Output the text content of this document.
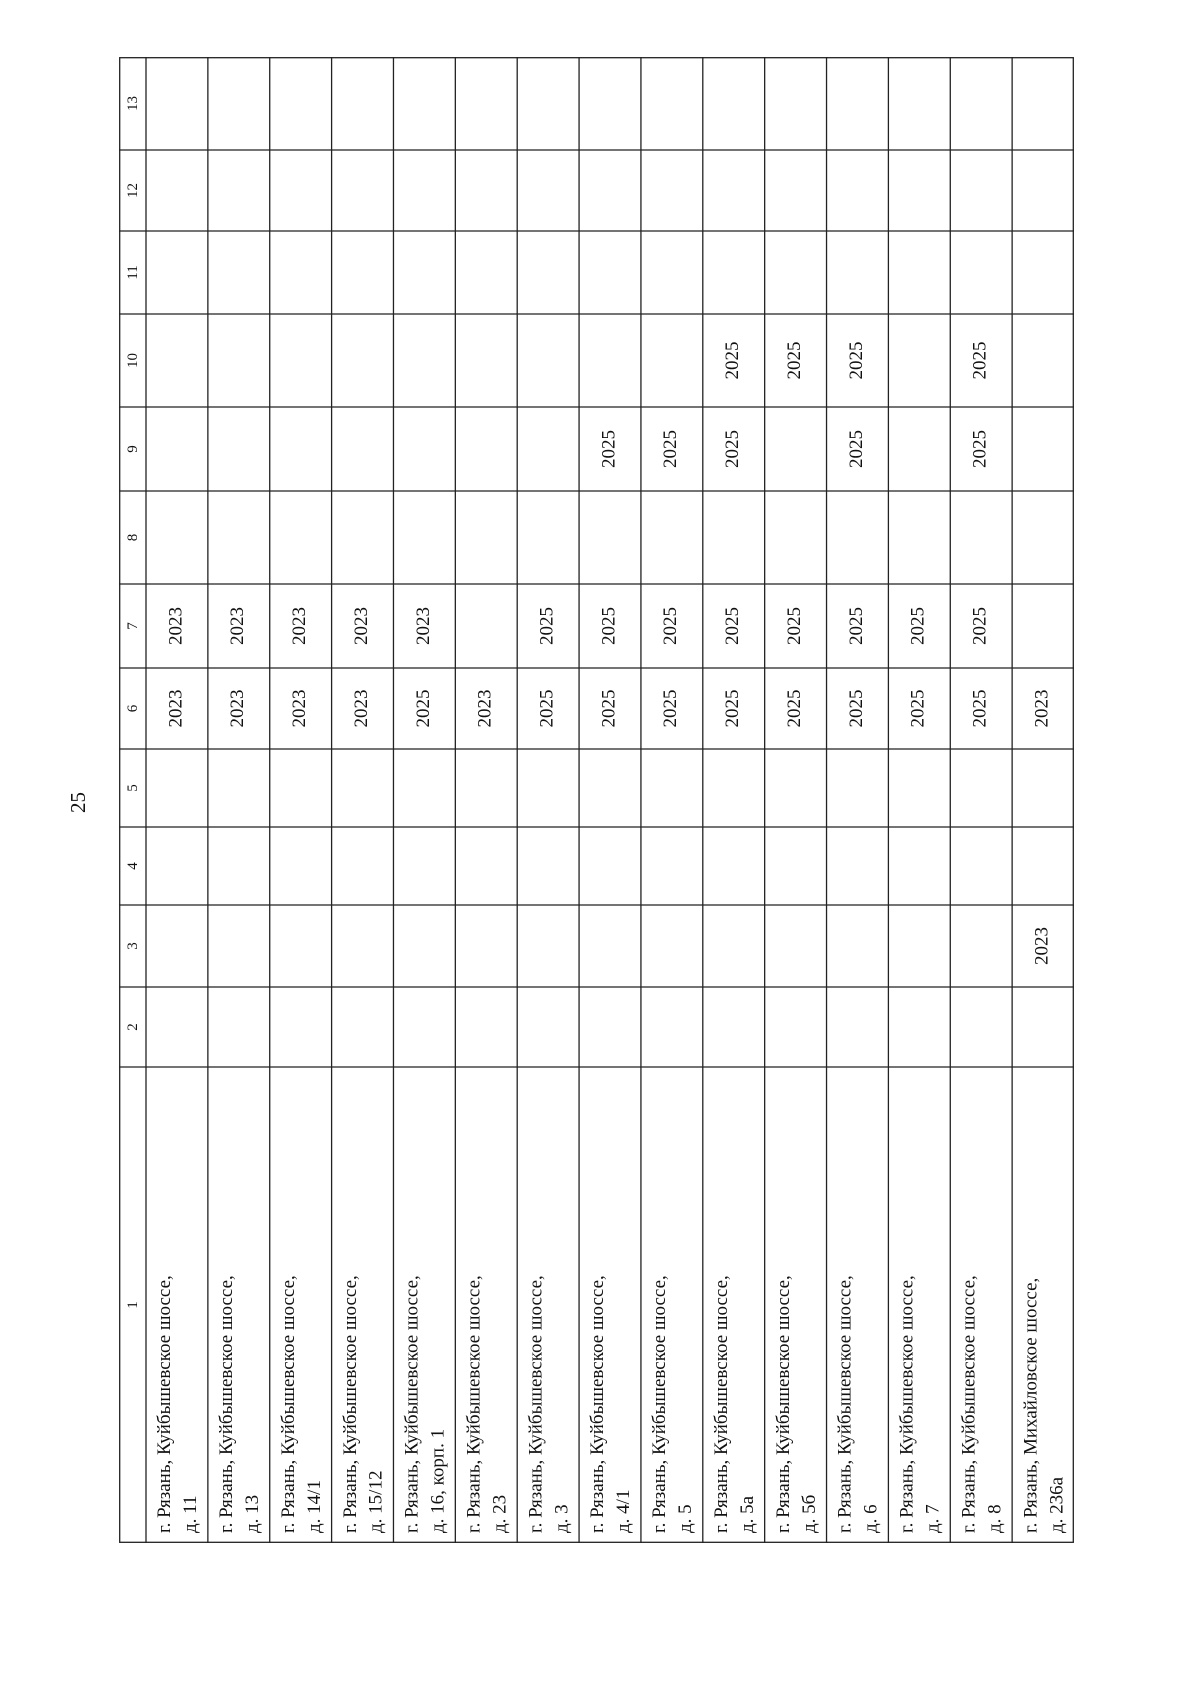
25
1
2
3
4
5
6
7
8
9
10
11
12
13
г. Рязань, Куйбышевское шоссе, д. 11
2023
2023
г. Рязань, Куйбышевское шоссе, д. 13
2023
2023
г. Рязань, Куйбышевское шоссе, д. 14/1
2023
2023
г. Рязань, Куйбышевское шоссе, д. 15/12
2023
2023
г. Рязань, Куйбышевское шоссе, д. 16, корп. 1
2025
2023
г. Рязань, Куйбышевское шоссе, д. 23
2023
г. Рязань, Куйбышевское шоссе, д. 3
2025
2025
г. Рязань, Куйбышевское шоссе, д. 4/1
2025
2025
2025
г. Рязань, Куйбышевское шоссе, д. 5
2025
2025
2025
г. Рязань, Куйбышевское шоссе, д. 5а
2025
2025
2025
2025
г. Рязань, Куйбышевское шоссе, д. 5б
2025
2025
2025
г. Рязань, Куйбышевское шоссе, д. 6
2025
2025
2025
2025
г. Рязань, Куйбышевское шоссе, д. 7
2025
2025
г. Рязань, Куйбышевское шоссе, д. 8
2025
2025
2025
2025
г. Рязань, Михайловское шоссе, д. 236а
2023
2023
